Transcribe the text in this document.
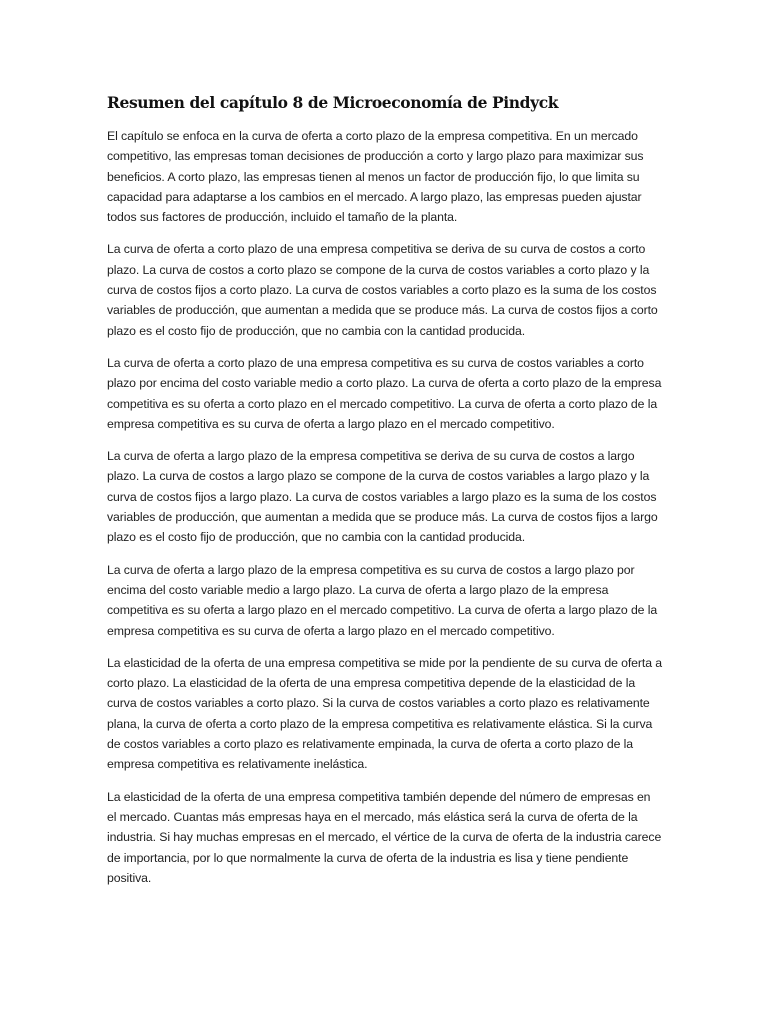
Resumen del capítulo 8 de Microeconomía de Pindyck

El capítulo se enfoca en la curva de oferta a corto plazo de la empresa competitiva. En un mercado competitivo, las empresas toman decisiones de producción a corto y largo plazo para maximizar sus beneficios. A corto plazo, las empresas tienen al menos un factor de producción fijo, lo que limita su capacidad para adaptarse a los cambios en el mercado. A largo plazo, las empresas pueden ajustar todos sus factores de producción, incluido el tamaño de la planta.

La curva de oferta a corto plazo de una empresa competitiva se deriva de su curva de costos a corto plazo. La curva de costos a corto plazo se compone de la curva de costos variables a corto plazo y la curva de costos fijos a corto plazo. La curva de costos variables a corto plazo es la suma de los costos variables de producción, que aumentan a medida que se produce más. La curva de costos fijos a corto plazo es el costo fijo de producción, que no cambia con la cantidad producida.

La curva de oferta a corto plazo de una empresa competitiva es su curva de costos variables a corto plazo por encima del costo variable medio a corto plazo. La curva de oferta a corto plazo de la empresa competitiva es su oferta a corto plazo en el mercado competitivo. La curva de oferta a corto plazo de la empresa competitiva es su curva de oferta a largo plazo en el mercado competitivo.

La curva de oferta a largo plazo de la empresa competitiva se deriva de su curva de costos a largo plazo. La curva de costos a largo plazo se compone de la curva de costos variables a largo plazo y la curva de costos fijos a largo plazo. La curva de costos variables a largo plazo es la suma de los costos variables de producción, que aumentan a medida que se produce más. La curva de costos fijos a largo plazo es el costo fijo de producción, que no cambia con la cantidad producida.

La curva de oferta a largo plazo de la empresa competitiva es su curva de costos a largo plazo por encima del costo variable medio a largo plazo. La curva de oferta a largo plazo de la empresa competitiva es su oferta a largo plazo en el mercado competitivo. La curva de oferta a largo plazo de la empresa competitiva es su curva de oferta a largo plazo en el mercado competitivo.

La elasticidad de la oferta de una empresa competitiva se mide por la pendiente de su curva de oferta a corto plazo. La elasticidad de la oferta de una empresa competitiva depende de la elasticidad de la curva de costos variables a corto plazo. Si la curva de costos variables a corto plazo es relativamente plana, la curva de oferta a corto plazo de la empresa competitiva es relativamente elástica. Si la curva de costos variables a corto plazo es relativamente empinada, la curva de oferta a corto plazo de la empresa competitiva es relativamente inelástica.

La elasticidad de la oferta de una empresa competitiva también depende del número de empresas en el mercado. Cuantas más empresas haya en el mercado, más elástica será la curva de oferta de la industria. Si hay muchas empresas en el mercado, el vértice de la curva de oferta de la industria carece de importancia, por lo que normalmente la curva de oferta de la industria es lisa y tiene pendiente positiva.
